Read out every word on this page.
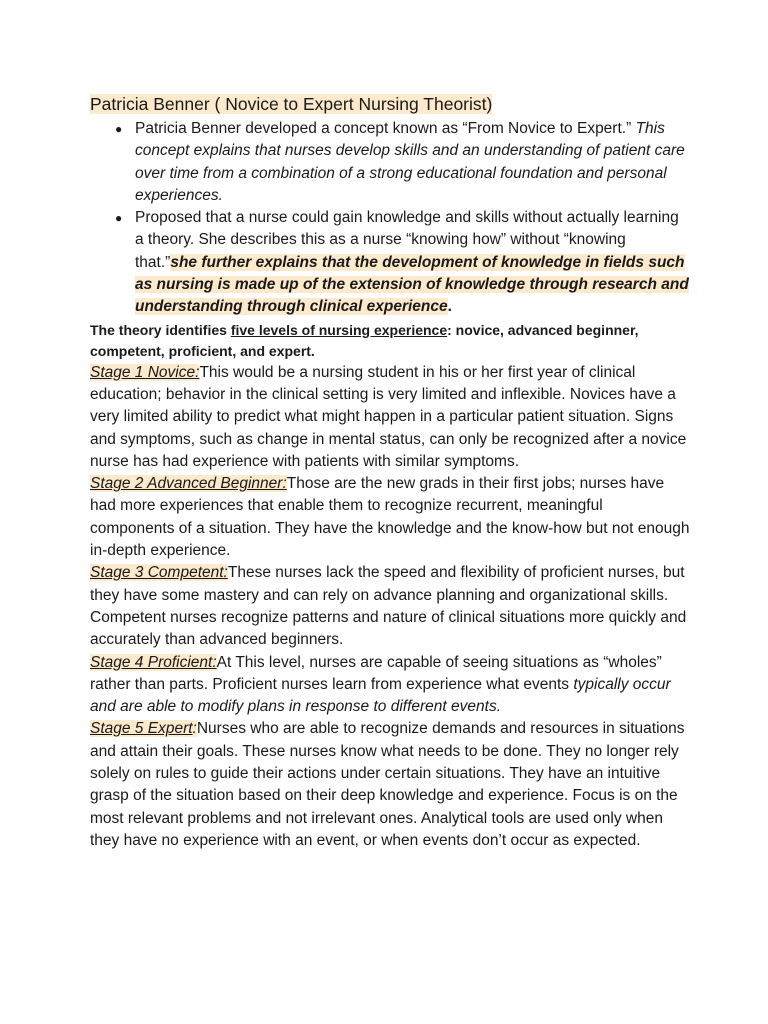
Patricia Benner ( Novice to Expert Nursing Theorist)
● Patricia Benner developed a concept known as “From Novice to Expert.” This concept explains that nurses develop skills and an understanding of patient care over time from a combination of a strong educational foundation and personal experiences.
● Proposed that a nurse could gain knowledge and skills without actually learning a theory. She describes this as a nurse “knowing how” without “knowing that.”she further explains that the development of knowledge in fields such as nursing is made up of the extension of knowledge through research and understanding through clinical experience.

The theory identifies five levels of nursing experience: novice, advanced beginner, competent, proficient, and expert.

Stage 1 Novice:This would be a nursing student in his or her first year of clinical education; behavior in the clinical setting is very limited and inflexible. Novices have a very limited ability to predict what might happen in a particular patient situation. Signs and symptoms, such as change in mental status, can only be recognized after a novice nurse has had experience with patients with similar symptoms.

Stage 2 Advanced Beginner:Those are the new grads in their first jobs; nurses have had more experiences that enable them to recognize recurrent, meaningful components of a situation. They have the knowledge and the know-how but not enough in-depth experience.

Stage 3 Competent:These nurses lack the speed and flexibility of proficient nurses, but they have some mastery and can rely on advance planning and organizational skills. Competent nurses recognize patterns and nature of clinical situations more quickly and accurately than advanced beginners.

Stage 4 Proficient:At This level, nurses are capable of seeing situations as “wholes” rather than parts. Proficient nurses learn from experience what events typically occur and are able to modify plans in response to different events.

Stage 5 Expert:Nurses who are able to recognize demands and resources in situations and attain their goals. These nurses know what needs to be done. They no longer rely solely on rules to guide their actions under certain situations. They have an intuitive grasp of the situation based on their deep knowledge and experience. Focus is on the most relevant problems and not irrelevant ones. Analytical tools are used only when they have no experience with an event, or when events don’t occur as expected.
